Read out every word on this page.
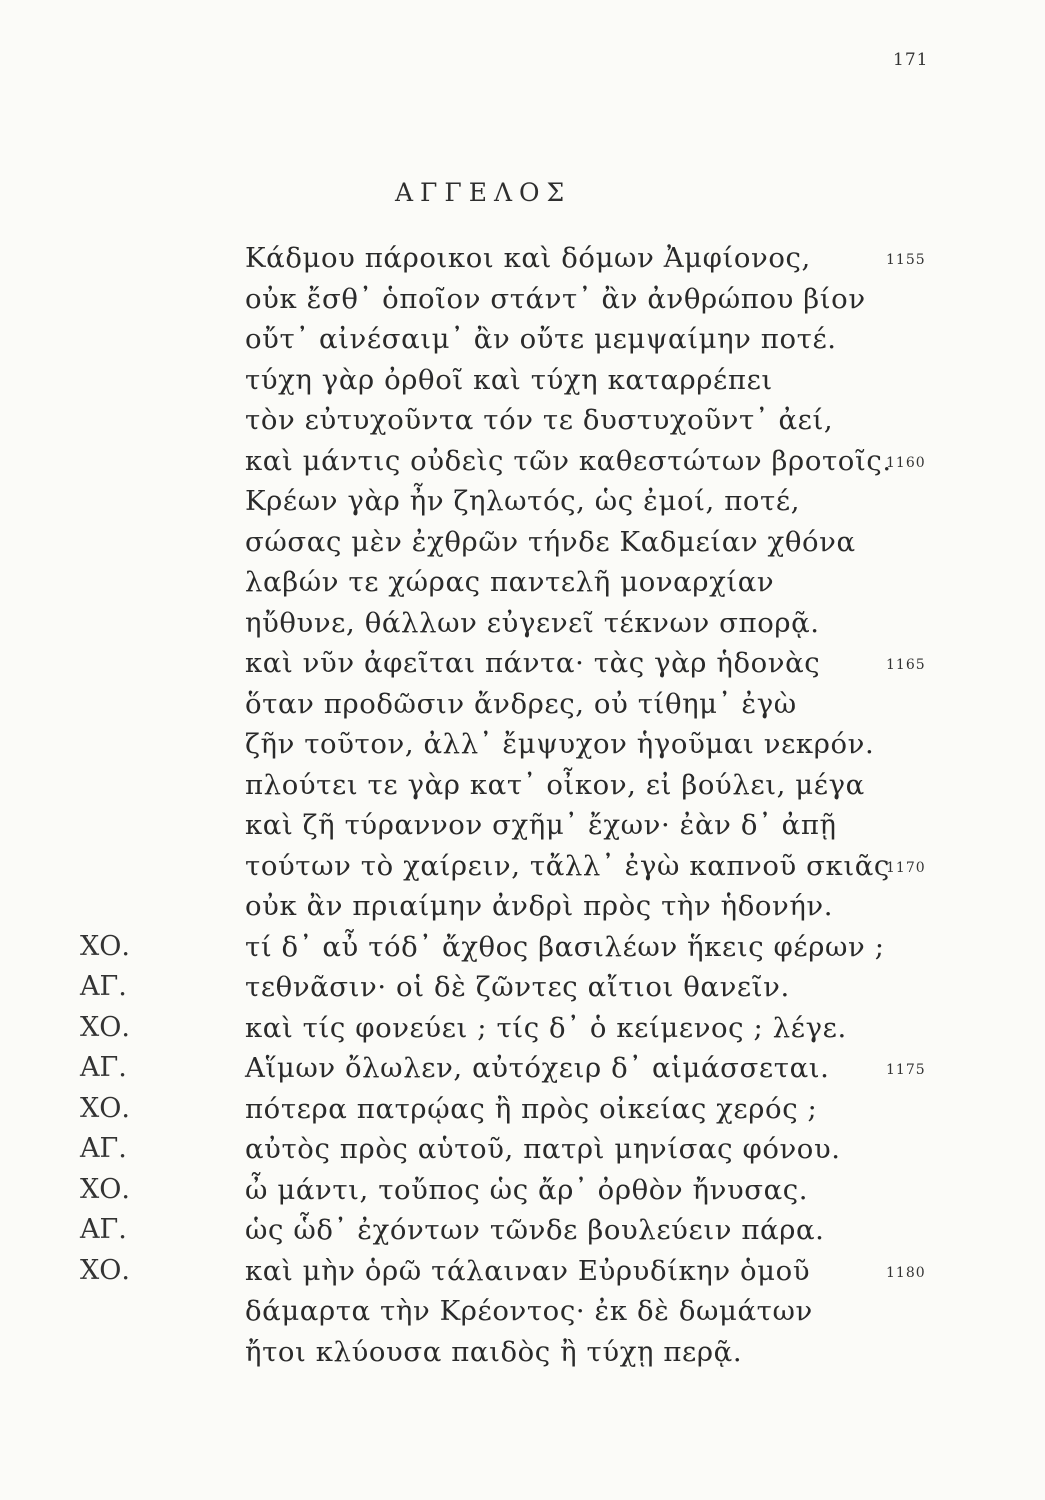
171
ΑΓΓΕΛΟΣ
Κάδμου πάροικοι καὶ δόμων Ἀμφίονος,	1155
οὐκ ἔσθ᾽ ὁποῖον στάντ᾽ ἂν ἀνθρώπου βίον
οὔτ᾽ αἰνέσαιμ᾽ ἂν οὔτε μεμψαίμην ποτέ.
τύχη γὰρ ὀρθοῖ καὶ τύχη καταρρέπει
τὸν εὐτυχοῦντα τόν τε δυστυχοῦντ᾽ ἀεί,
καὶ μάντις οὐδεὶς τῶν καθεστώτων βροτοῖς.
1160
Κρέων γὰρ ἦν ζηλωτός, ὡς ἐμοί, ποτέ,
σώσας μὲν ἐχθρῶν τήνδε Καδμείαν χθόνα
λαβών τε χώρας παντελῆ μοναρχίαν
ηὔθυνε, θάλλων εὐγενεῖ τέκνων σπορᾷ.
καὶ νῦν ἀφεῖται πάντα· τὰς γὰρ ἡδονὰς	1165
ὅταν προδῶσιν ἄνδρες, οὐ τίθημ᾽ ἐγὼ
ζῆν τοῦτον, ἀλλ᾽ ἔμψυχον ἡγοῦμαι νεκρόν.
πλούτει τε γὰρ κατ᾽ οἶκον, εἰ βούλει, μέγα
καὶ ζῆ τύραννον σχῆμ᾽ ἔχων· ἐὰν δ᾽ ἀπῇ
τούτων τὸ χαίρειν, τἄλλ᾽ ἐγὼ καπνοῦ σκιᾶς
1170
οὐκ ἂν πριαίμην ἀνδρὶ πρὸς τὴν ἡδονήν.
ΧΟ.	τί δ᾽ αὖ τόδ᾽ ἄχθος βασιλέων ἥκεις φέρων ;
ΑΓ.	τεθνᾶσιν· οἱ δὲ ζῶντες αἴτιοι θανεῖν.
ΧΟ.	καὶ τίς φονεύει ; τίς δ᾽ ὁ κείμενος ; λέγε.
ΑΓ.	Αἵμων ὄλωλεν, αὐτόχειρ δ᾽ αἱμάσσεται.	1175
ΧΟ.	πότερα πατρῴας ἢ πρὸς οἰκείας χερός ;
ΑΓ.	αὐτὸς πρὸς αὑτοῦ, πατρὶ μηνίσας φόνου.
ΧΟ.	ὦ μάντι, τοὔπος ὡς ἄρ᾽ ὀρθὸν ἤνυσας.
ΑΓ.	ὡς ὧδ᾽ ἐχόντων τῶνδε βουλεύειν πάρα.
ΧΟ.	καὶ μὴν ὁρῶ τάλαιναν Εὐρυδίκην ὁμοῦ	1180
δάμαρτα τὴν Κρέοντος· ἐκ δὲ δωμάτων
ἤτοι κλύουσα παιδὸς ἢ τύχῃ περᾷ.
